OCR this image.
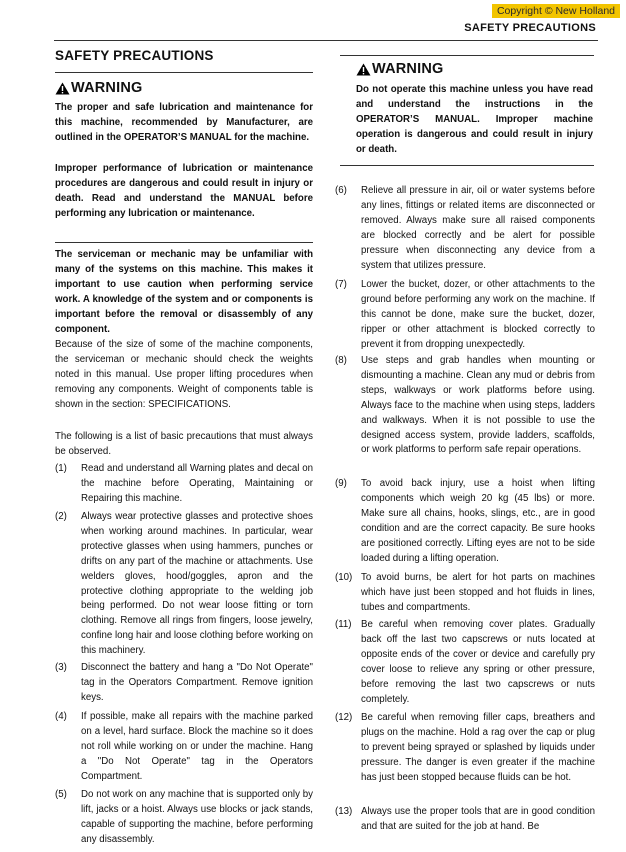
Copyright © New Holland
SAFETY PRECAUTIONS
SAFETY PRECAUTIONS
WARNING

The proper and safe lubrication and maintenance for this machine, recommended by Manufacturer, are outlined in the OPERATOR’S MANUAL for the machine.

Improper performance of lubrication or maintenance procedures are dangerous and could result in injury or death. Read and understand the MANUAL before performing any lubrication or maintenance.

The serviceman or mechanic may be unfamiliar with many of the systems on this machine. This makes it important to use caution when performing service work. A knowledge of the system and or components is important before the removal or disassembly of any component.

Because of the size of some of the machine components, the serviceman or mechanic should check the weights noted in this manual. Use proper lifting procedures when removing any components. Weight of components table is shown in the section: SPECIFICATIONS.

The following is a list of basic precautions that must always be observed.

(1)	Read and understand all Warning plates and decal on the machine before Operating, Maintaining or Repairing this machine.
(2)	Always wear protective glasses and protective shoes when working around machines. In particular, wear protective glasses when using hammers, punches or drifts on any part of the machine or attachments. Use welders gloves, hood/goggles, apron and the protective clothing appropriate to the welding job being performed. Do not wear loose fitting or torn clothing. Remove all rings from fingers, loose jewelry, confine long hair and loose clothing before working on this machinery.
(3)	Disconnect the battery and hang a "Do Not Operate" tag in the Operators Compartment. Remove ignition keys.
(4)	If possible, make all repairs with the machine parked on a level, hard surface. Block the machine so it does not roll while working on or under the machine. Hang a "Do Not Operate" tag in the Operators Compartment.
(5)	Do not work on any machine that is supported only by lift, jacks or a hoist. Always use blocks or jack stands, capable of supporting the machine, before performing any disassembly.
WARNING

Do not operate this machine unless you have read and understand the instructions in the OPERATOR’S MANUAL. Improper machine operation is dangerous and could result in injury or death.

(6)	Relieve all pressure in air, oil or water systems before any lines, fittings or related items are disconnected or removed. Always make sure all raised components are blocked correctly and be alert for possible pressure when disconnecting any device from a system that utilizes pressure.
(7)	Lower the bucket, dozer, or other attachments to the ground before performing any work on the machine. If this cannot be done, make sure the bucket, dozer, ripper or other attachment is blocked correctly to prevent it from dropping unexpectedly.
(8)	Use steps and grab handles when mounting or dismounting a machine. Clean any mud or debris from steps, walkways or work platforms before using. Always face to the machine when using steps, ladders and walkways. When it is not possible to use the designed access system, provide ladders, scaffolds, or work platforms to perform safe repair operations.
(9)	To avoid back injury, use a hoist when lifting components which weigh 20 kg (45 lbs) or more. Make sure all chains, hooks, slings, etc., are in good condition and are the correct capacity. Be sure hooks are positioned correctly. Lifting eyes are not to be side loaded during a lifting operation.
(10) To avoid burns, be alert for hot parts on machines which have just been stopped and hot fluids in lines, tubes and compartments.
(11) Be careful when removing cover plates. Gradually back off the last two capscrews or nuts located at opposite ends of the cover or device and carefully pry cover loose to relieve any spring or other pressure, before removing the last two capscrews or nuts completely.
(12) Be careful when removing filler caps, breathers and plugs on the machine. Hold a rag over the cap or plug to prevent being sprayed or splashed by liquids under pressure. The danger is even greater if the machine has just been stopped because fluids can be hot.
(13) Always use the proper tools that are in good condition and that are suited for the job at hand. Be
